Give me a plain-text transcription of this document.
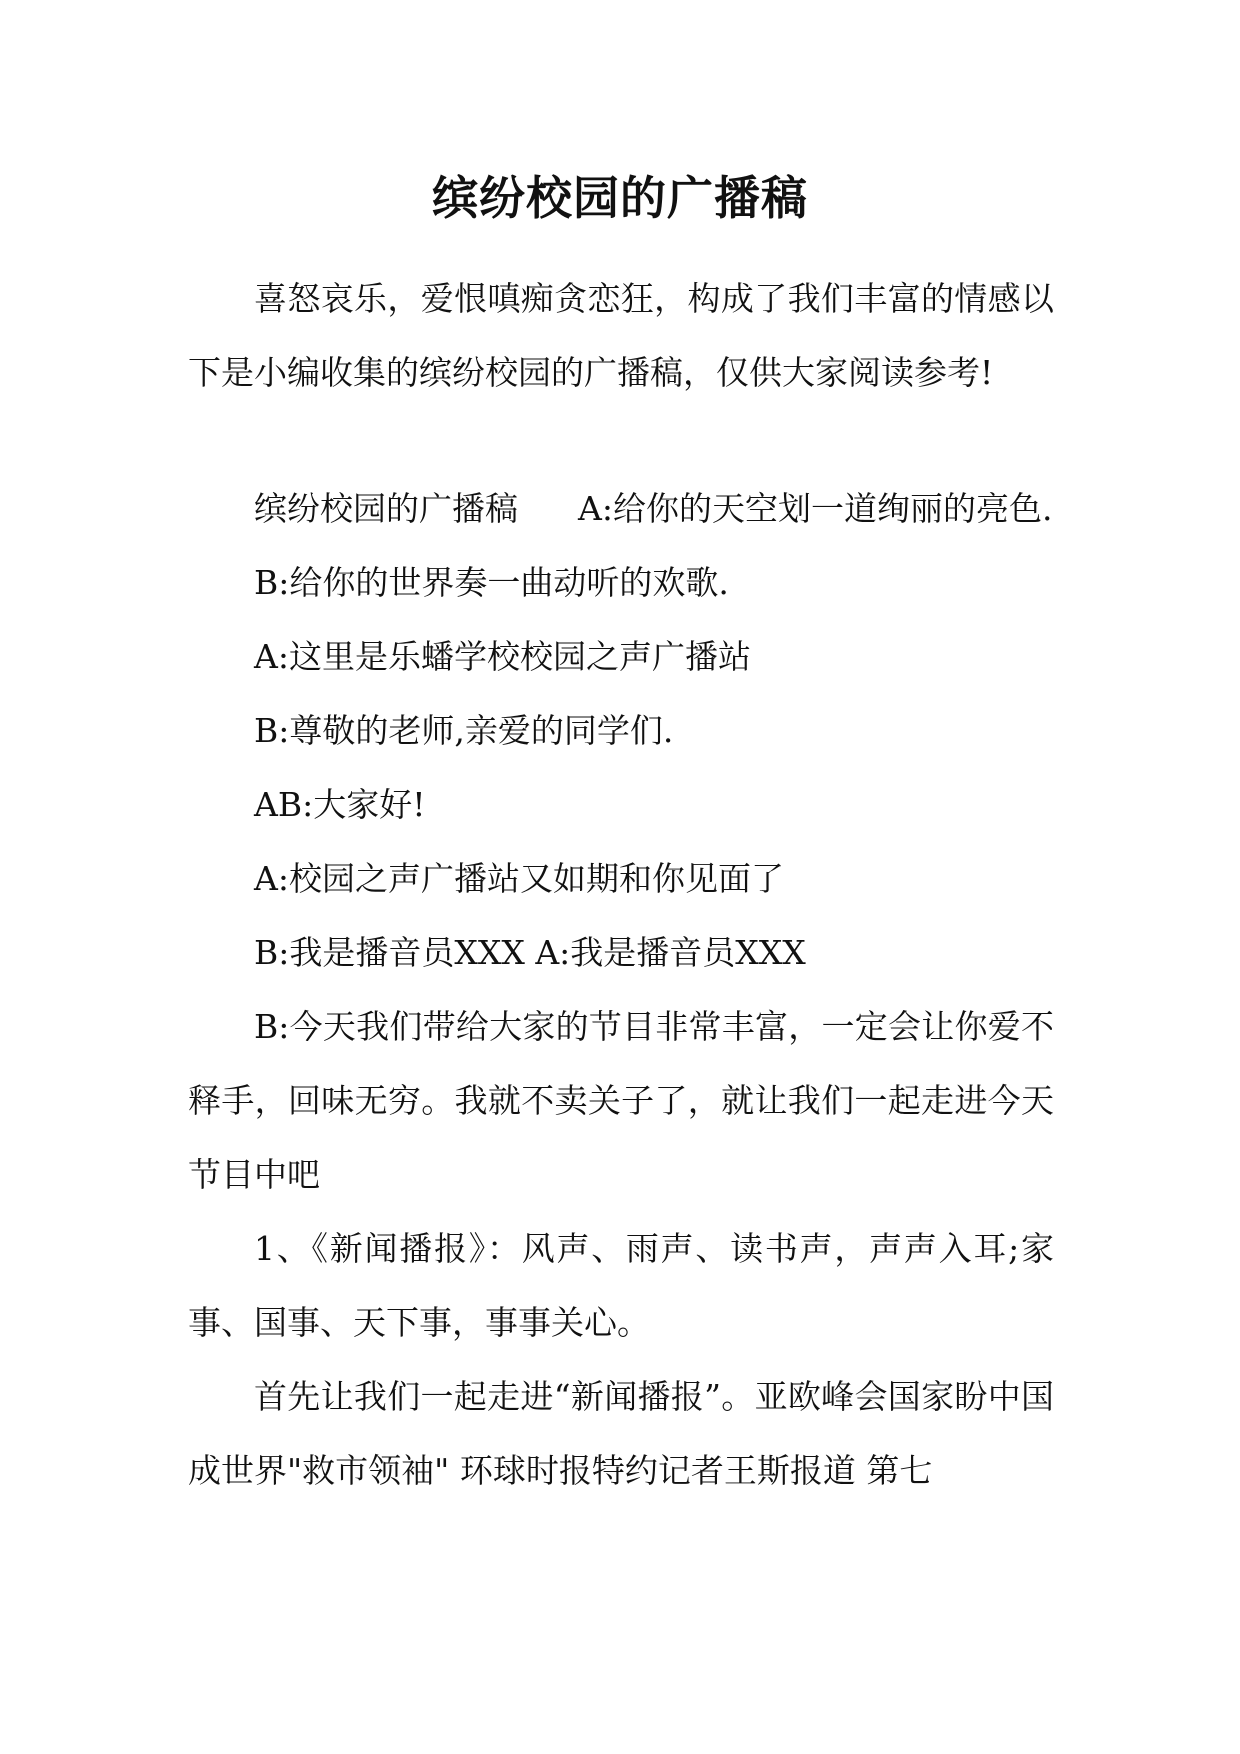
缤纷校园的广播稿

喜怒哀乐，爱恨嗔痴贪恋狂，构成了我们丰富的情感以下是小编收集的缤纷校园的广播稿，仅供大家阅读参考!

缤纷校园的广播稿 A:给你的天空划一道绚丽的亮色.

B:给你的世界奏一曲动听的欢歌.

A:这里是乐蟠学校校园之声广播站

B:尊敬的老师,亲爱的同学们.

AB:大家好!

A:校园之声广播站又如期和你见面了

B:我是播音员XXX A:我是播音员XXX

B:今天我们带给大家的节目非常丰富，一定会让你爱不释手，回味无穷。我就不卖关子了，就让我们一起走进今天节目中吧

1、《新闻播报》：风声、雨声、读书声，声声入耳;家事、国事、天下事，事事关心。

首先让我们一起走进“新闻播报”。亚欧峰会国家盼中国成世界"救市领袖" 环球时报特约记者王斯报道 第七
